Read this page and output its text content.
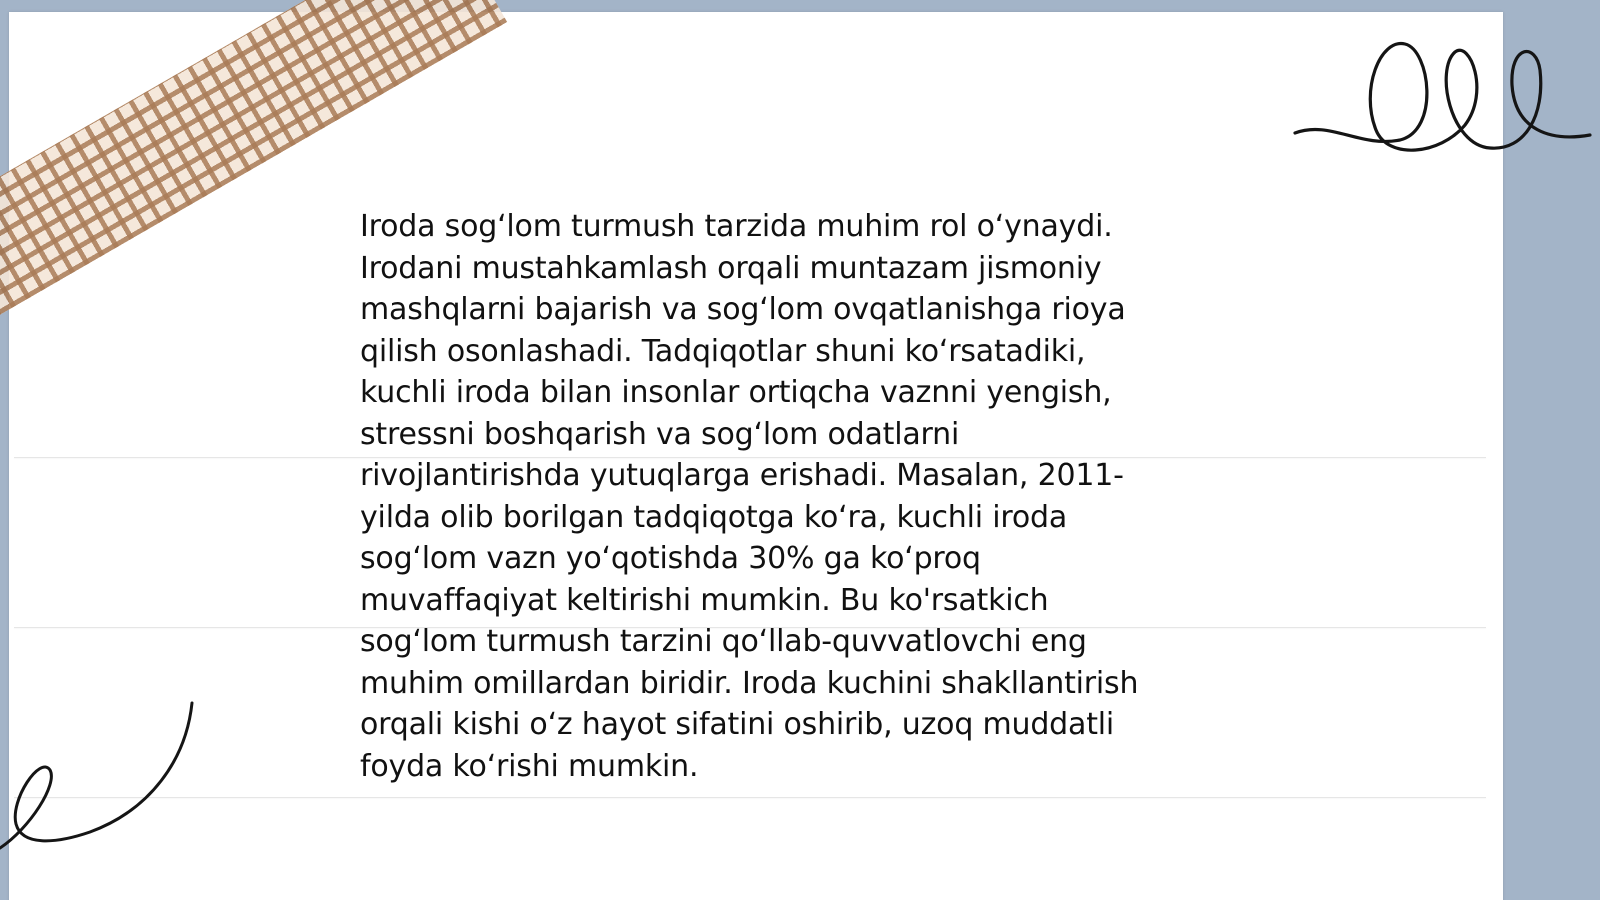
Iroda sog‘lom turmush tarzida muhim rol o‘ynaydi.
Irodani mustahkamlash orqali muntazam jismoniy
mashqlarni bajarish va sog‘lom ovqatlanishga rioya
qilish osonlashadi. Tadqiqotlar shuni ko‘rsatadiki,
kuchli iroda bilan insonlar ortiqcha vaznni yengish,
stressni boshqarish va sog‘lom odatlarni
rivojlantirishda yutuqlarga erishadi. Masalan, 2011-
yilda olib borilgan tadqiqotga ko‘ra, kuchli iroda
sog‘lom vazn yo‘qotishda 30% ga ko‘proq
muvaffaqiyat keltirishi mumkin. Bu ko'rsatkich
sog‘lom turmush tarzini qo‘llab-quvvatlovchi eng
muhim omillardan biridir. Iroda kuchini shakllantirish
orqali kishi o‘z hayot sifatini oshirib, uzoq muddatli
foyda ko‘rishi mumkin.
